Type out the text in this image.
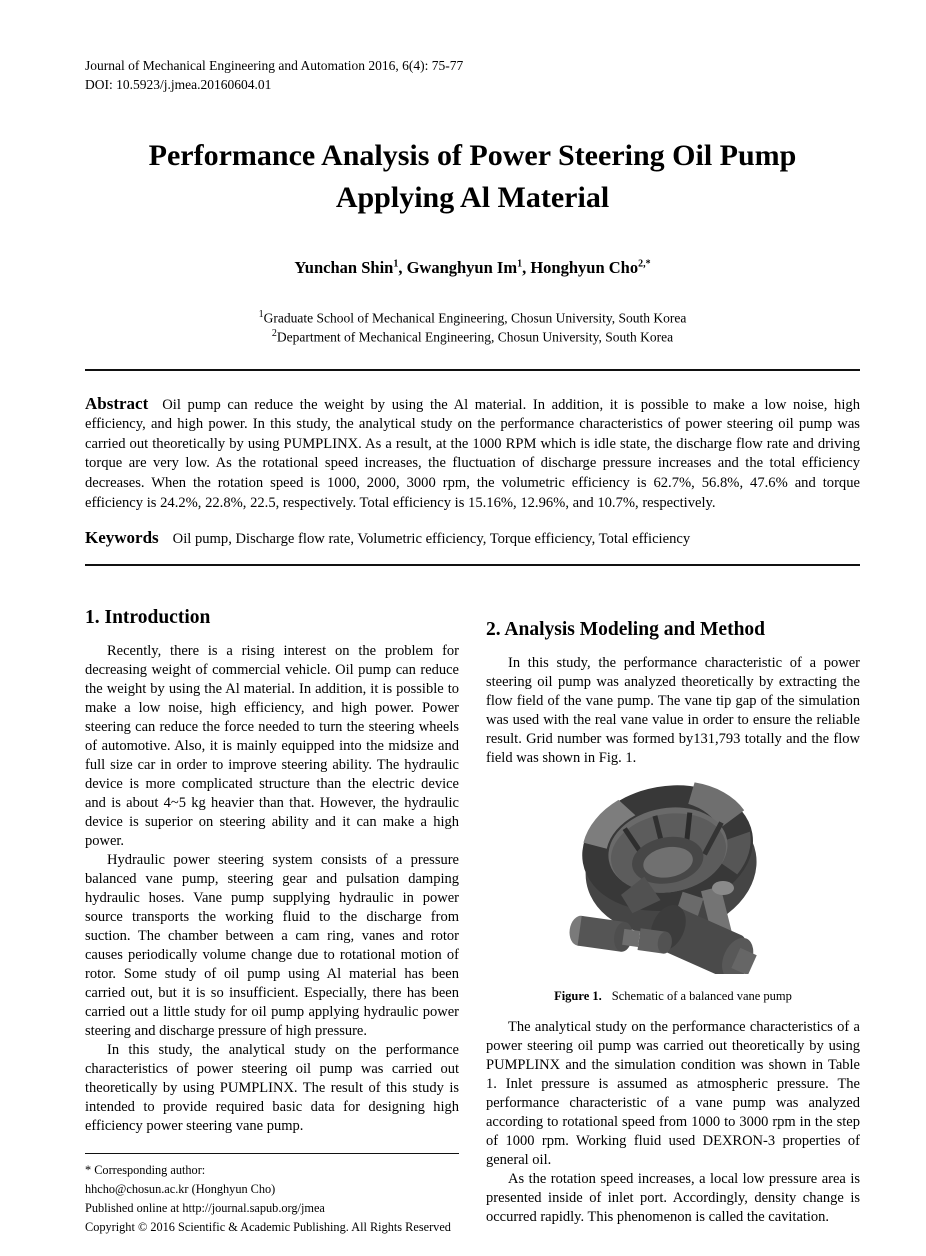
Journal of Mechanical Engineering and Automation 2016, 6(4): 75-77
DOI: 10.5923/j.jmea.20160604.01
Performance Analysis of Power Steering Oil Pump Applying Al Material
Yunchan Shin$^1$, Gwanghyun Im$^1$, Honghyun Cho$^{2,*}$
$^1$Graduate School of Mechanical Engineering, Chosun University, South Korea
$^2$Department of Mechanical Engineering, Chosun University, South Korea
Abstract Oil pump can reduce the weight by using the Al material. In addition, it is possible to make a low noise, high efficiency, and high power. In this study, the analytical study on the performance characteristics of power steering oil pump was carried out theoretically by using PUMPLINX. As a result, at the 1000 RPM which is idle state, the discharge flow rate and driving torque are very low. As the rotational speed increases, the fluctuation of discharge pressure increases and the total efficiency decreases. When the rotation speed is 1000, 2000, 3000 rpm, the volumetric efficiency is 62.7%, 56.8%, 47.6% and torque efficiency is 24.2%, 22.8%, 22.5, respectively. Total efficiency is 15.16%, 12.96%, and 10.7%, respectively.
Keywords Oil pump, Discharge flow rate, Volumetric efficiency, Torque efficiency, Total efficiency
1. Introduction

Recently, there is a rising interest on the problem for decreasing weight of commercial vehicle. Oil pump can reduce the weight by using the Al material. In addition, it is possible to make a low noise, high efficiency, and high power. Power steering can reduce the force needed to turn the steering wheels of automotive. Also, it is mainly equipped into the midsize and full size car in order to improve steering ability. The hydraulic device is more complicated structure than the electric device and is about 4~5 kg heavier than that. However, the hydraulic device is superior on steering ability and it can make a high power.

Hydraulic power steering system consists of a pressure balanced vane pump, steering gear and pulsation damping hydraulic hoses. Vane pump supplying hydraulic in power source transports the working fluid to the discharge from suction. The chamber between a cam ring, vanes and rotor causes periodically volume change due to rotational motion of rotor. Some study of oil pump using Al material has been carried out, but it is so insufficient. Especially, there has been carried out a little study for oil pump applying hydraulic power steering and discharge pressure of high pressure.

In this study, the analytical study on the performance characteristics of power steering oil pump was carried out theoretically by using PUMPLINX. The result of this study is intended to provide required basic data for designing high efficiency power steering vane pump.

* Corresponding author:
hhcho@chosun.ac.kr (Honghyun Cho)
Published online at http://journal.sapub.org/jmea
Copyright © 2016 Scientific & Academic Publishing. All Rights Reserved
2. Analysis Modeling and Method

In this study, the performance characteristic of a power steering oil pump was analyzed theoretically by extracting the flow field of the vane pump. The vane tip gap of the simulation was used with the real vane value in order to ensure the reliable result. Grid number was formed by131,793 totally and the flow field was shown in Fig. 1.

Figure 1. Schematic of a balanced vane pump

The analytical study on the performance characteristics of a power steering oil pump was carried out theoretically by using PUMPLINX and the simulation condition was shown in Table 1. Inlet pressure is assumed as atmospheric pressure. The performance characteristic of a vane pump was analyzed according to rotational speed from 1000 to 3000 rpm in the step of 1000 rpm. Working fluid used DEXRON-3 properties of general oil.

As the rotation speed increases, a local low pressure area is presented inside of inlet port. Accordingly, density change is occurred rapidly. This phenomenon is called the cavitation.
